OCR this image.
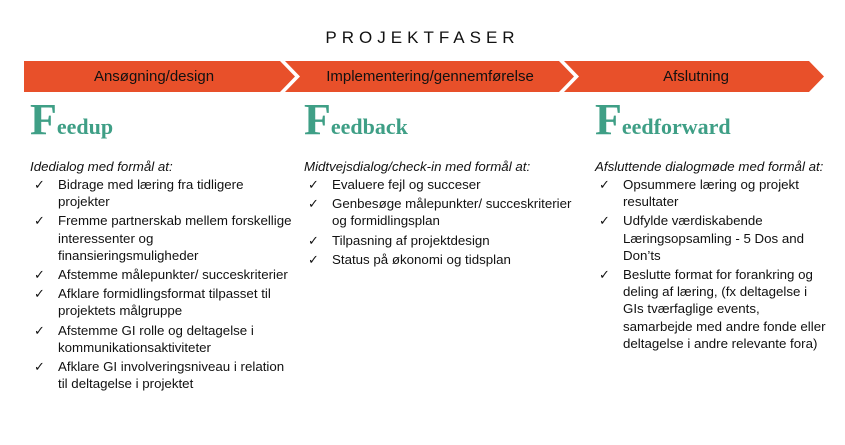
PROJEKTFASER
Ansøgning/design	Implementering/gennemførelse	Afslutning
Feedup
Idedialog med formål at:
✓ Bidrage med læring fra tidligere projekter
✓ Fremme partnerskab mellem forskellige interessenter og finansieringsmuligheder
✓ Afstemme målepunkter/ succeskriterier
✓ Afklare formidlingsformat tilpasset til projektets målgruppe
✓ Afstemme GI rolle og deltagelse i kommunikationsaktiviteter
✓ Afklare GI involveringsniveau i relation til deltagelse i projektet
Feedback
Midtvejsdialog/check-in med formål at:
✓ Evaluere fejl og succeser
✓ Genbesøge målepunkter/ succeskriterier og formidlingsplan
✓ Tilpasning af projektdesign
✓ Status på økonomi og tidsplan
Feedforward
Afsluttende dialogmøde med formål at:
✓ Opsummere læring og projekt resultater
✓ Udfylde værdiskabende Læringsopsamling - 5 Dos and Don’ts
✓ Beslutte format for forankring og deling af læring, (fx deltagelse i GIs tværfaglige events, samarbejde med andre fonde eller deltagelse i andre relevante fora)
